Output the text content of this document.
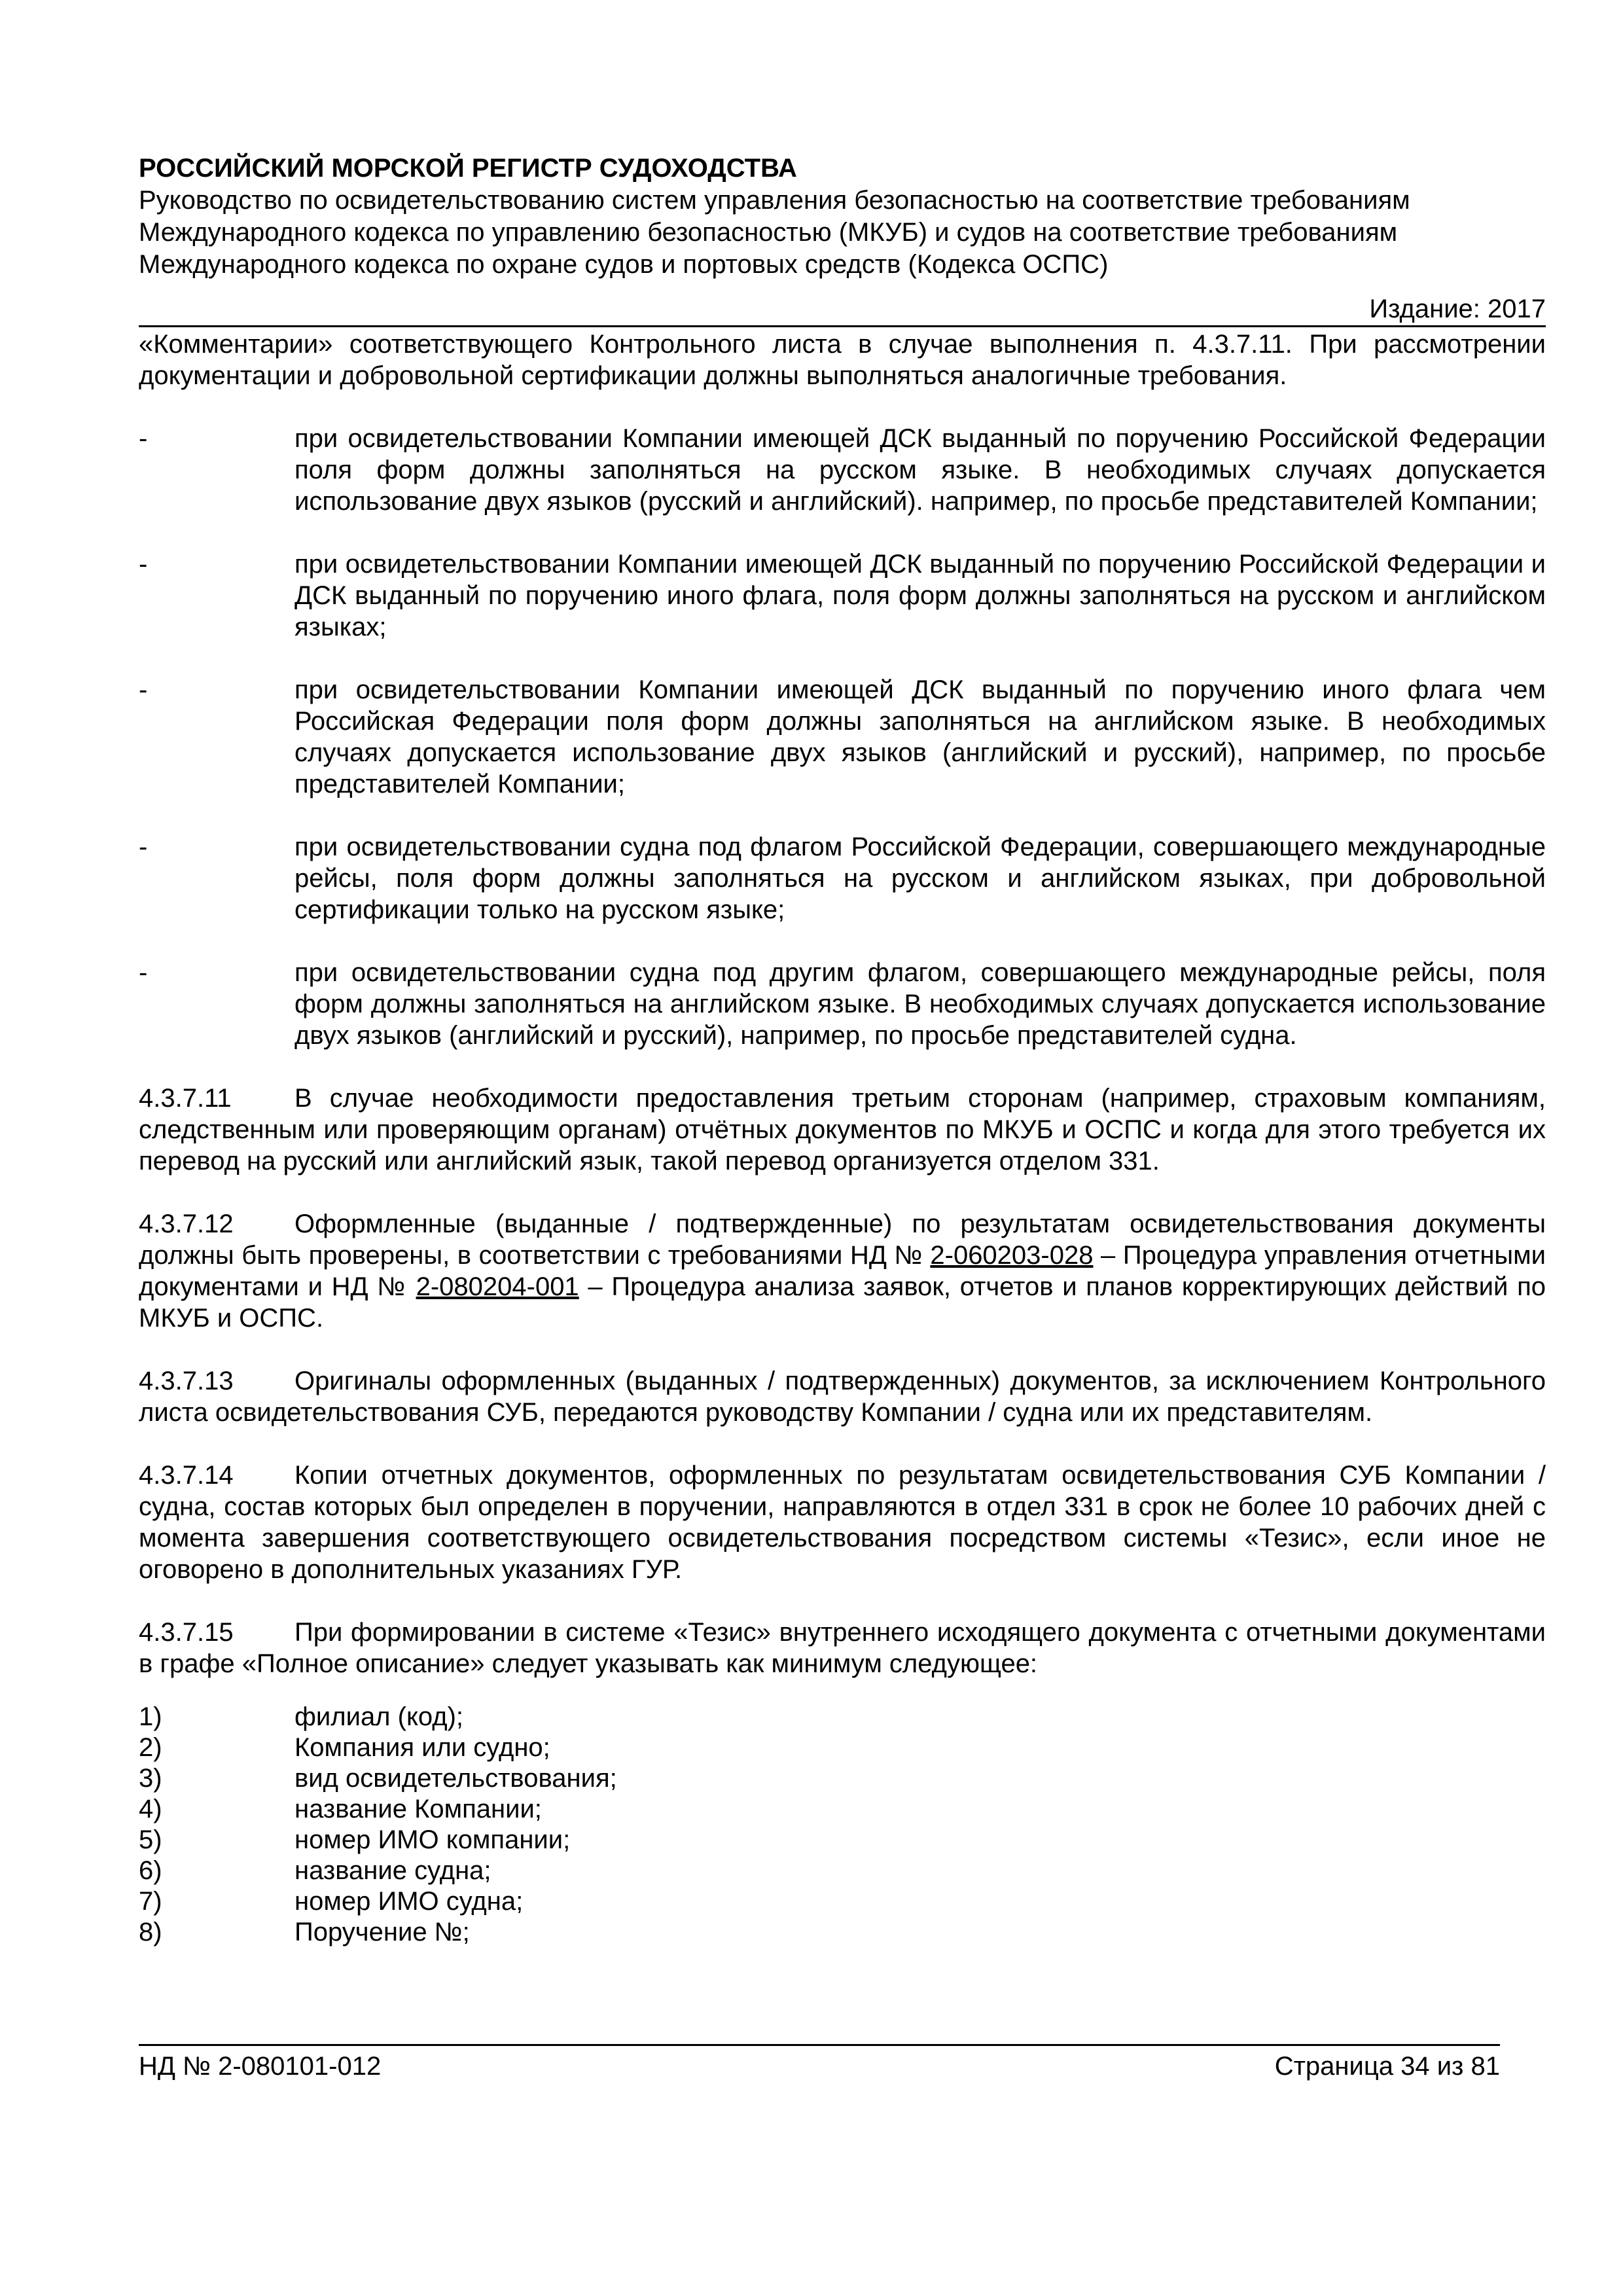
РОССИЙСКИЙ МОРСКОЙ РЕГИСТР СУДОХОДСТВА
Руководство по освидетельствованию систем управления безопасностью на соответствие требованиям
Международного кодекса по управлению безопасностью (МКУБ) и судов на соответствие требованиям
Международного кодекса по охране судов и портовых средств (Кодекса ОСПС)
Издание: 2017

«Комментарии» соответствующего Контрольного листа в случае выполнения п. 4.3.7.11. При рассмотрении документации и добровольной сертификации должны выполняться аналогичные требования.

-	при освидетельствовании Компании имеющей ДСК выданный по поручению Российской Федерации поля форм должны заполняться на русском языке. В необходимых случаях допускается использование двух языков (русский и английский). например, по просьбе представителей Компании;

-	при освидетельствовании Компании имеющей ДСК выданный по поручению Российской Федерации и ДСК выданный по поручению иного флага, поля форм должны заполняться на русском и английском языках;

-	при освидетельствовании Компании имеющей ДСК выданный по поручению иного флага чем Российская Федерации поля форм должны заполняться на английском языке. В необходимых случаях допускается использование двух языков (английский и русский), например, по просьбе представителей Компании;

-	при освидетельствовании судна под флагом Российской Федерации, совершающего международные рейсы, поля форм должны заполняться на русском и английском языках, при добровольной сертификации только на русском языке;

-	при освидетельствовании судна под другим флагом, совершающего международные рейсы, поля форм должны заполняться на английском языке. В необходимых случаях допускается использование двух языков (английский и русский), например, по просьбе представителей судна.

4.3.7.11 В случае необходимости предоставления третьим сторонам (например, страховым компаниям, следственным или проверяющим органам) отчётных документов по МКУБ и ОСПС и когда для этого требуется их перевод на русский или английский язык, такой перевод организуется отделом 331.

4.3.7.12 Оформленные (выданные / подтвержденные) по результатам освидетельствования документы должны быть проверены, в соответствии с требованиями НД № 2-060203-028 – Процедура управления отчетными документами и НД № 2-080204-001 – Процедура анализа заявок, отчетов и планов корректирующих действий по МКУБ и ОСПС.

4.3.7.13 Оригиналы оформленных (выданных / подтвержденных) документов, за исключением Контрольного листа освидетельствования СУБ, передаются руководству Компании / судна или их представителям.

4.3.7.14 Копии отчетных документов, оформленных по результатам освидетельствования СУБ Компании / судна, состав которых был определен в поручении, направляются в отдел 331 в срок не более 10 рабочих дней с момента завершения соответствующего освидетельствования посредством системы «Тезис», если иное не оговорено в дополнительных указаниях ГУР.

4.3.7.15 При формировании в системе «Тезис» внутреннего исходящего документа с отчетными документами в графе «Полное описание» следует указывать как минимум следующее:

1)	филиал (код);
2)	Компания или судно;
3)	вид освидетельствования;
4)	название Компании;
5)	номер ИМО компании;
6)	название судна;
7)	номер ИМО судна;
8)	Поручение №;
НД № 2-080101-012	Страница 34 из 81
